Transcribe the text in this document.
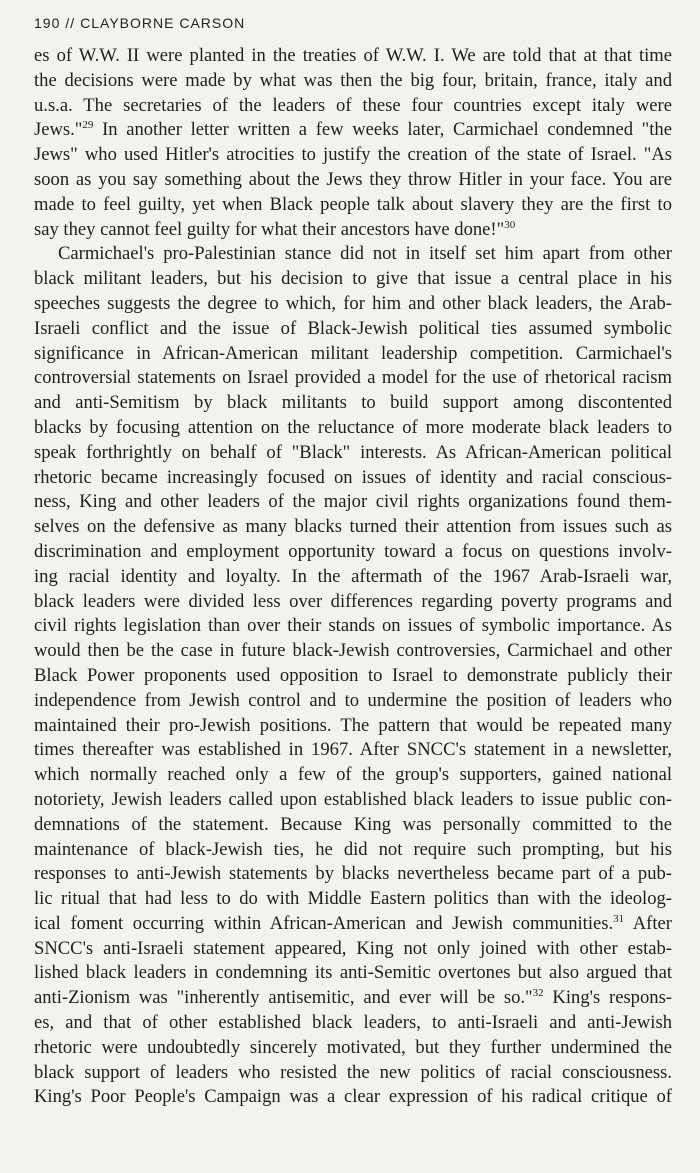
190 // CLAYBORNE CARSON
es of W.W. II were planted in the treaties of W.W. I. We are told that at that time
the decisions were made by what was then the big four, britain, france, italy and
u.s.a. The secretaries of the leaders of these four countries except italy were
Jews."$^{29}$ In another letter written a few weeks later, Carmichael condemned "the
Jews" who used Hitler's atrocities to justify the creation of the state of Israel. "As
soon as you say something about the Jews they throw Hitler in your face. You are
made to feel guilty, yet when Black people talk about slavery they are the first to
say they cannot feel guilty for what their ancestors have done!"$^{30}$
Carmichael's pro-Palestinian stance did not in itself set him apart from other
black militant leaders, but his decision to give that issue a central place in his
speeches suggests the degree to which, for him and other black leaders, the Arab-
Israeli conflict and the issue of Black-Jewish political ties assumed symbolic
significance in African-American militant leadership competition. Carmichael's
controversial statements on Israel provided a model for the use of rhetorical racism
and anti-Semitism by black militants to build support among discontented
blacks by focusing attention on the reluctance of more moderate black leaders to
speak forthrightly on behalf of "Black" interests. As African-American political
rhetoric became increasingly focused on issues of identity and racial conscious-
ness, King and other leaders of the major civil rights organizations found them-
selves on the defensive as many blacks turned their attention from issues such as
discrimination and employment opportunity toward a focus on questions involv-
ing racial identity and loyalty. In the aftermath of the 1967 Arab-Israeli war,
black leaders were divided less over differences regarding poverty programs and
civil rights legislation than over their stands on issues of symbolic importance. As
would then be the case in future black-Jewish controversies, Carmichael and other
Black Power proponents used opposition to Israel to demonstrate publicly their
independence from Jewish control and to undermine the position of leaders who
maintained their pro-Jewish positions. The pattern that would be repeated many
times thereafter was established in 1967. After SNCC's statement in a newsletter,
which normally reached only a few of the group's supporters, gained national
notoriety, Jewish leaders called upon established black leaders to issue public con-
demnations of the statement. Because King was personally committed to the
maintenance of black-Jewish ties, he did not require such prompting, but his
responses to anti-Jewish statements by blacks nevertheless became part of a pub-
lic ritual that had less to do with Middle Eastern politics than with the ideolog-
ical foment occurring within African-American and Jewish communities.$^{31}$ After
SNCC's anti-Israeli statement appeared, King not only joined with other estab-
lished black leaders in condemning its anti-Semitic overtones but also argued that
anti-Zionism was "inherently antisemitic, and ever will be so."$^{32}$ King's respons-
es, and that of other established black leaders, to anti-Israeli and anti-Jewish
rhetoric were undoubtedly sincerely motivated, but they further undermined the
black support of leaders who resisted the new politics of racial consciousness.
King's Poor People's Campaign was a clear expression of his radical critique of
